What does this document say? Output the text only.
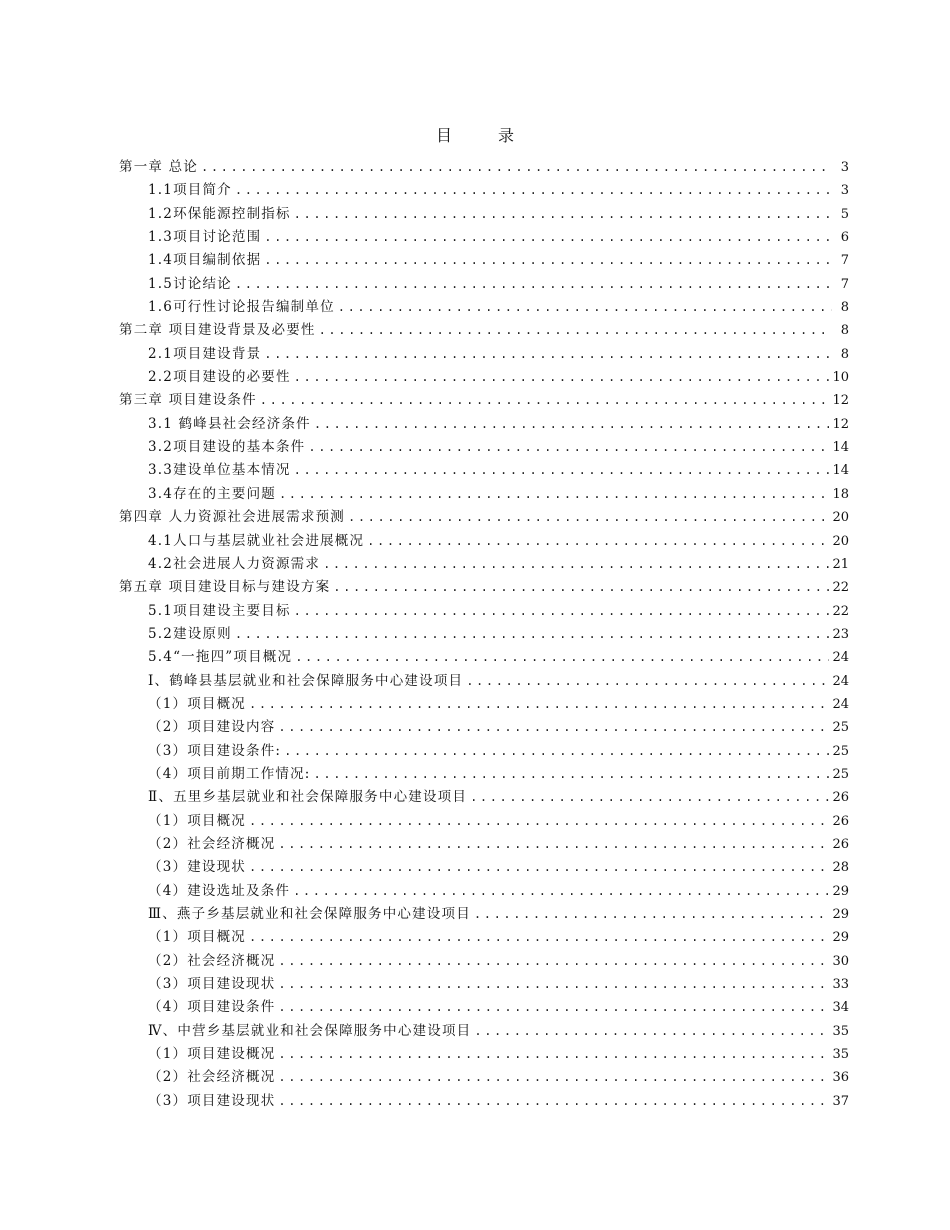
目	录
第一章 总论 .....	3
1.1项目简介 .....	3
1.2环保能源控制指标 .....	5
1.3项目讨论范围 .....	6
1.4项目编制依据 .....	7
1.5讨论结论 .....	7
1.6可行性讨论报告编制单位 .....	8
第二章 项目建设背景及必要性 .....	8
2.1项目建设背景 .....	8
2.2项目建设的必要性 .....	10
第三章 项目建设条件 .....	12
3.1 鹤峰县社会经济条件 .....	12
3.2项目建设的基本条件 .....	14
3.3建设单位基本情况 .....	14
3.4存在的主要问题 .....	18
第四章 人力资源社会进展需求预测 .....	20
4.1人口与基层就业社会进展概况 .....	20
4.2社会进展人力资源需求 .....	21
第五章 项目建设目标与建设方案 .....	22
5.1项目建设主要目标 .....	22
5.2建设原则 .....	23
5.4“一拖四”项目概况 .....	24
Ⅰ、鹤峰县基层就业和社会保障服务中心建设项目 .....	24
（1）项目概况 .....	24
（2）项目建设内容 .....	25
（3）项目建设条件: .....	25
（4）项目前期工作情况: .....	25
Ⅱ、五里乡基层就业和社会保障服务中心建设项目 .....	26
（1）项目概况 .....	26
（2）社会经济概况 .....	26
（3）建设现状 .....	28
（4）建设选址及条件 .....	29
Ⅲ、燕子乡基层就业和社会保障服务中心建设项目 .....	29
（1）项目概况 .....	29
（2）社会经济概况 .....	30
（3）项目建设现状 .....	33
（4）项目建设条件 .....	34
Ⅳ、中营乡基层就业和社会保障服务中心建设项目 .....	35
（1）项目建设概况 .....	35
（2）社会经济概况 .....	36
（3）项目建设现状 .....	37
